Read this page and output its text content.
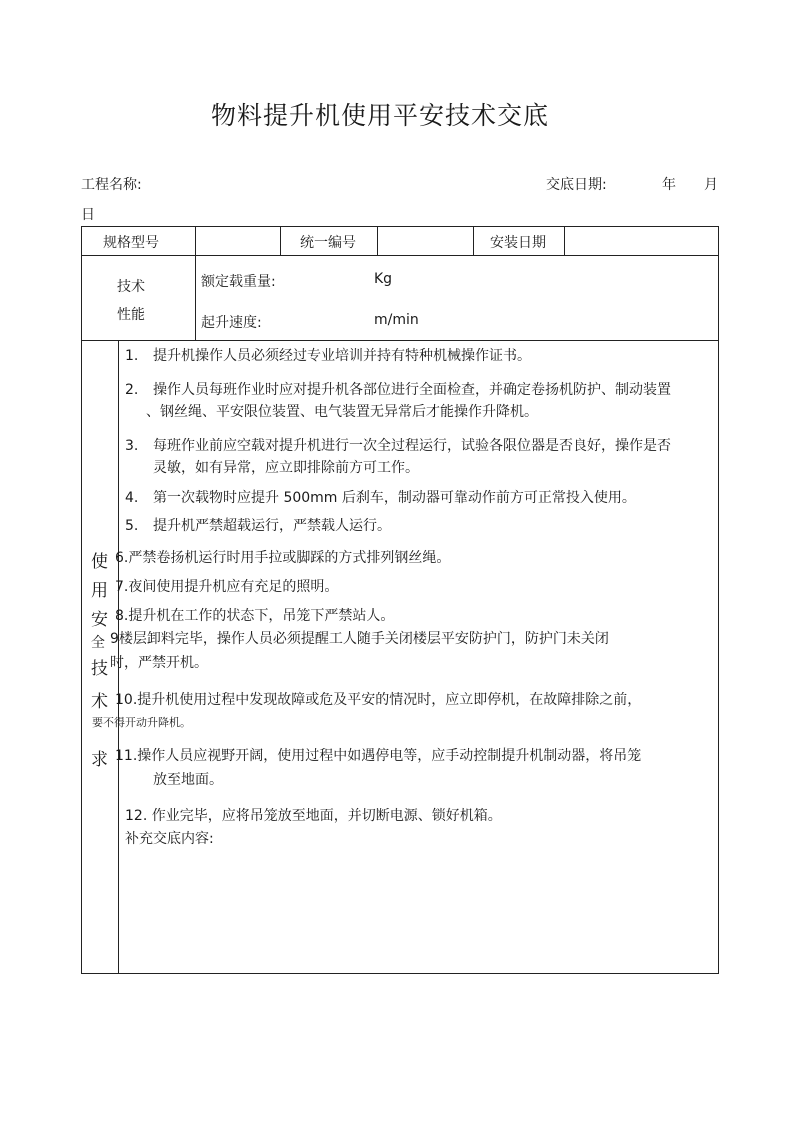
物料提升机使用平安技术交底
工程名称:	交底日期:	年 月
日
规格型号	统一编号	安装日期
技术
性能
额定载重量:	Kg
起升速度:	m/min
使
用
安
全
技
术
求
1. 提升机操作人员必须经过专业培训并持有特种机械操作证书。
2. 操作人员每班作业时应对提升机各部位进行全面检查，并确定卷扬机防护、制动装置
、钢丝绳、平安限位装置、电气装置无异常后才能操作升降机。
3. 每班作业前应空载对提升机进行一次全过程运行，试验各限位器是否良好，操作是否
灵敏，如有异常，应立即排除前方可工作。
4. 第一次载物时应提升 500mm 后刹车，制动器可靠动作前方可正常投入使用。
5. 提升机严禁超载运行，严禁载人运行。
6.严禁卷扬机运行时用手拉或脚踩的方式排列钢丝绳。
7.夜间使用提升机应有充足的照明。
8.提升机在工作的状态下，吊笼下严禁站人。
9楼层卸料完毕，操作人员必须提醒工人随手关闭楼层平安防护门，防护门未关闭
时，严禁开机。
10.提升机使用过程中发现故障或危及平安的情况时，应立即停机，在故障排除之前，
要不得开动升降机。
11.操作人员应视野开阔，使用过程中如遇停电等，应手动控制提升机制动器，将吊笼
放至地面。
12. 作业完毕，应将吊笼放至地面，并切断电源、锁好机箱。
补充交底内容:
